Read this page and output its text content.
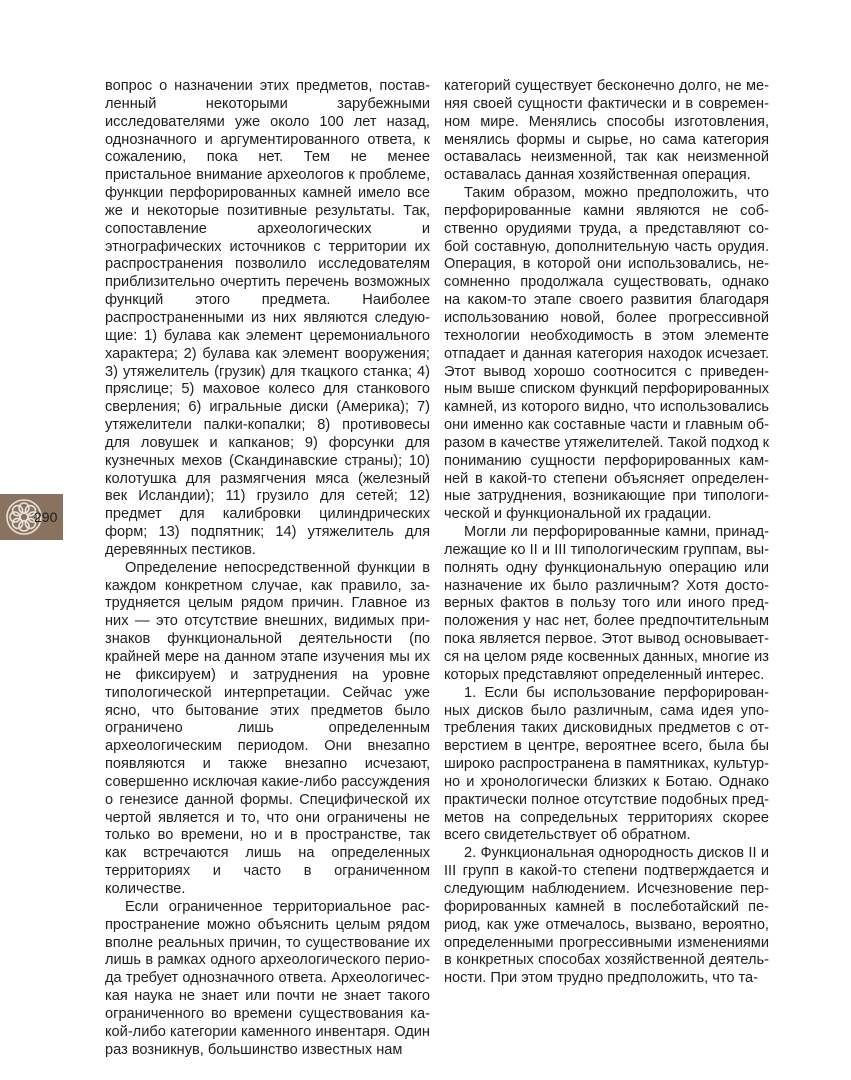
290

вопрос о назначении этих предметов, поставленный некоторыми зарубежными исследователями уже около 100 лет назад, однозначного и аргументированного ответа, к сожалению, пока нет. Тем не менее пристальное внимание археологов к проблеме, функции перфорированных камней имело все же и некоторые позитивные результаты. Так, сопоставление археологических и этнографических источников с территории их распространения позволило исследователям приблизительно очертить перечень возможных функций этого предмета. Наиболее распространенными из них являются следующие: 1) булава как элемент церемониального характера; 2) булава как элемент вооружения; 3) утяжелитель (грузик) для ткацкого станка; 4) пряслице; 5) маховое колесо для станкового сверления; 6) игральные диски (Америка); 7) утяжелители палки-копалки; 8) противовесы для ловушек и капканов; 9) форсунки для кузнечных мехов (Скандинавские страны); 10) колотушка для размягчения мяса (железный век Исландии); 11) грузило для сетей; 12) предмет для калибровки цилиндрических форм; 13) подпятник; 14) утяжелитель для деревянных пестиков.

Определение непосредственной функции в каждом конкретном случае, как правило, затрудняется целым рядом причин. Главное из них — это отсутствие внешних, видимых признаков функциональной деятельности (по крайней мере на данном этапе изучения мы их не фиксируем) и затруднения на уровне типологической интерпретации. Сейчас уже ясно, что бытование этих предметов было ограничено лишь определенным археологическим периодом. Они внезапно появляются и также внезапно исчезают, совершенно исключая какие-либо рассуждения о генезисе данной формы. Специфической их чертой является и то, что они ограничены не только во времени, но и в пространстве, так как встречаются лишь на определенных территориях и часто в ограниченном количестве.

Если ограниченное территориальное распространение можно объяснить целым рядом вполне реальных причин, то существование их лишь в рамках одного археологического периода требует однозначного ответа. Археологическая наука не знает или почти не знает такого ограниченного во времени существования какой-либо категории каменного инвентаря. Один раз возникнув, большинство известных нам

категорий существует бесконечно долго, не меняя своей сущности фактически и в современном мире. Менялись способы изготовления, менялись формы и сырье, но сама категория оставалась неизменной, так как неизменной оставалась данная хозяйственная операция.

Таким образом, можно предположить, что перфорированные камни являются не собственно орудиями труда, а представляют собой составную, дополнительную часть орудия. Операция, в которой они использовались, несомненно продолжала существовать, однако на каком-то этапе своего развития благодаря использованию новой, более прогрессивной технологии необходимость в этом элементе отпадает и данная категория находок исчезает. Этот вывод хорошо соотносится с приведенным выше списком функций перфорированных камней, из которого видно, что использовались они именно как составные части и главным образом в качестве утяжелителей. Такой подход к пониманию сущности перфорированных камней в какой-то степени объясняет определенные затруднения, возникающие при типологической и функциональной их градации.

Могли ли перфорированные камни, принадлежащие ко II и III типологическим группам, выполнять одну функциональную операцию или назначение их было различным? Хотя достоверных фактов в пользу того или иного предположения у нас нет, более предпочтительным пока является первое. Этот вывод основывается на целом ряде косвенных данных, многие из которых представляют определенный интерес.

1. Если бы использование перфорированных дисков было различным, сама идея употребления таких дисковидных предметов с отверстием в центре, вероятнее всего, была бы широко распространена в памятниках, культурно и хронологически близких к Ботаю. Однако практически полное отсутствие подобных предметов на сопредельных территориях скорее всего свидетельствует об обратном.

2. Функциональная однородность дисков II и III групп в какой-то степени подтверждается и следующим наблюдением. Исчезновение перфорированных камней в послеботайский период, как уже отмечалось, вызвано, вероятно, определенными прогрессивными изменениями в конкретных способах хозяйственной деятельности. При этом трудно предположить, что та-
